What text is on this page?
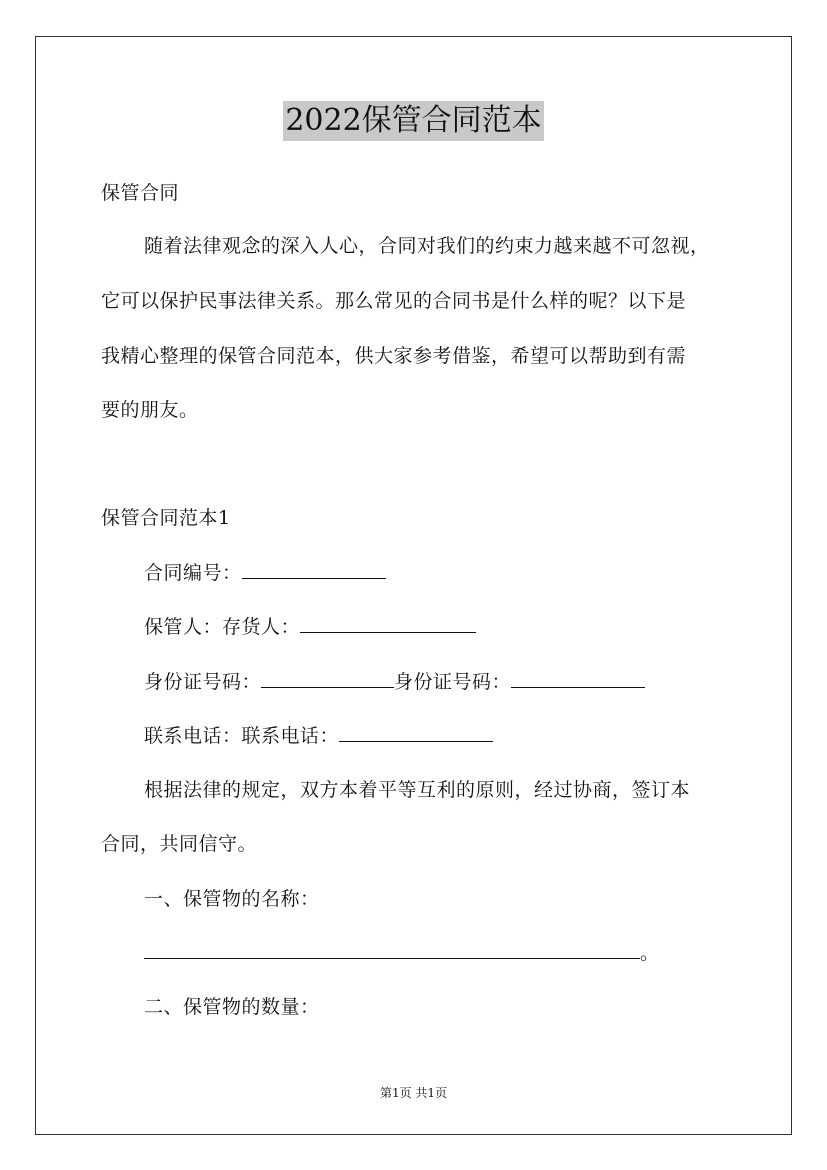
2022保管合同范本
保管合同
随着法律观念的深入人心，合同对我们的约束力越来越不可忽视，
它可以保护民事法律关系。那么常见的合同书是什么样的呢？以下是
我精心整理的保管合同范本，供大家参考借鉴，希望可以帮助到有需
要的朋友。
保管合同范本1
合同编号：
保管人：存货人：
身份证号码：	身份证号码：
联系电话：联系电话：
根据法律的规定，双方本着平等互利的原则，经过协商，签订本
合同，共同信守。
一、保管物的名称：
。
二、保管物的数量：
第1页 共1页
